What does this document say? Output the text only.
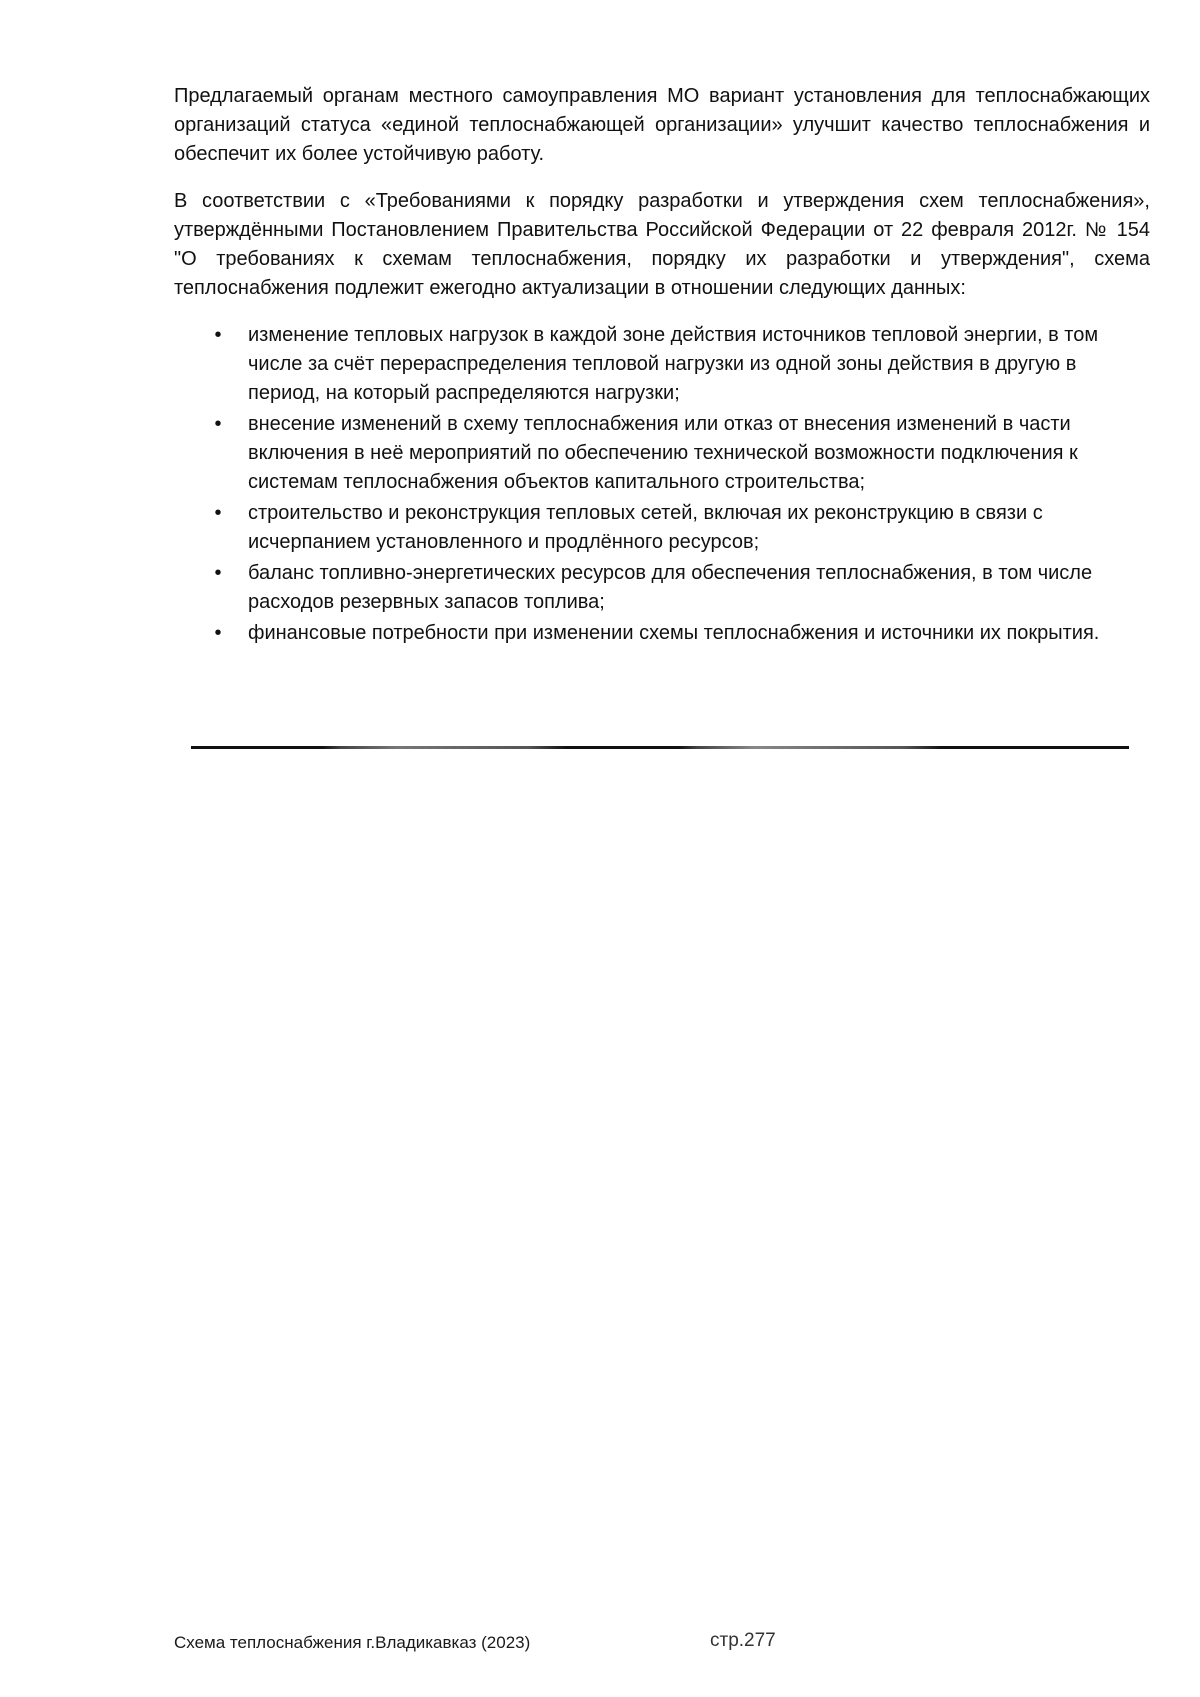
Предлагаемый органам местного самоуправления МО вариант установления для теплоснабжающих организаций статуса «единой теплоснабжающей организации» улучшит качество теплоснабжения и обеспечит их более устойчивую работу.

В соответствии с «Требованиями к порядку разработки и утверждения схем теплоснабжения», утверждёнными Постановлением Правительства Российской Федерации от 22 февраля 2012г. № 154 "О требованиях к схемам теплоснабжения, порядку их разработки и утверждения", схема теплоснабжения подлежит ежегодно актуализации в отношении следующих данных:

• изменение тепловых нагрузок в каждой зоне действия источников тепловой энергии, в том числе за счёт перераспределения тепловой нагрузки из одной зоны действия в другую в период, на который распределяются нагрузки;
• внесение изменений в схему теплоснабжения или отказ от внесения изменений в части включения в неё мероприятий по обеспечению технической возможности подключения к системам теплоснабжения объектов капитального строительства;
• строительство и реконструкция тепловых сетей, включая их реконструкцию в связи с исчерпанием установленного и продлённого ресурсов;
• баланс топливно-энергетических ресурсов для обеспечения теплоснабжения, в том числе расходов резервных запасов топлива;
• финансовые потребности при изменении схемы теплоснабжения и источники их покрытия.
Схема теплоснабжения г.Владикавказ (2023)	стр.277
